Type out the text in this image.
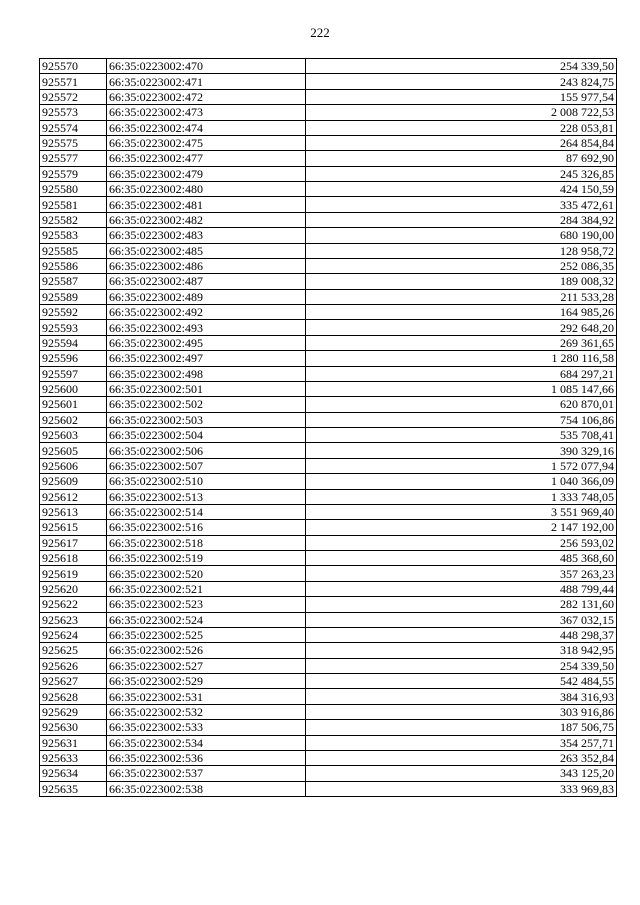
222
925570	66:35:0223002:470	254 339,50
925571	66:35:0223002:471	243 824,75
925572	66:35:0223002:472	155 977,54
925573	66:35:0223002:473	2 008 722,53
925574	66:35:0223002:474	228 053,81
925575	66:35:0223002:475	264 854,84
925577	66:35:0223002:477	87 692,90
925579	66:35:0223002:479	245 326,85
925580	66:35:0223002:480	424 150,59
925581	66:35:0223002:481	335 472,61
925582	66:35:0223002:482	284 384,92
925583	66:35:0223002:483	680 190,00
925585	66:35:0223002:485	128 958,72
925586	66:35:0223002:486	252 086,35
925587	66:35:0223002:487	189 008,32
925589	66:35:0223002:489	211 533,28
925592	66:35:0223002:492	164 985,26
925593	66:35:0223002:493	292 648,20
925594	66:35:0223002:495	269 361,65
925596	66:35:0223002:497	1 280 116,58
925597	66:35:0223002:498	684 297,21
925600	66:35:0223002:501	1 085 147,66
925601	66:35:0223002:502	620 870,01
925602	66:35:0223002:503	754 106,86
925603	66:35:0223002:504	535 708,41
925605	66:35:0223002:506	390 329,16
925606	66:35:0223002:507	1 572 077,94
925609	66:35:0223002:510	1 040 366,09
925612	66:35:0223002:513	1 333 748,05
925613	66:35:0223002:514	3 551 969,40
925615	66:35:0223002:516	2 147 192,00
925617	66:35:0223002:518	256 593,02
925618	66:35:0223002:519	485 368,60
925619	66:35:0223002:520	357 263,23
925620	66:35:0223002:521	488 799,44
925622	66:35:0223002:523	282 131,60
925623	66:35:0223002:524	367 032,15
925624	66:35:0223002:525	448 298,37
925625	66:35:0223002:526	318 942,95
925626	66:35:0223002:527	254 339,50
925627	66:35:0223002:529	542 484,55
925628	66:35:0223002:531	384 316,93
925629	66:35:0223002:532	303 916,86
925630	66:35:0223002:533	187 506,75
925631	66:35:0223002:534	354 257,71
925633	66:35:0223002:536	263 352,84
925634	66:35:0223002:537	343 125,20
925635	66:35:0223002:538	333 969,83
